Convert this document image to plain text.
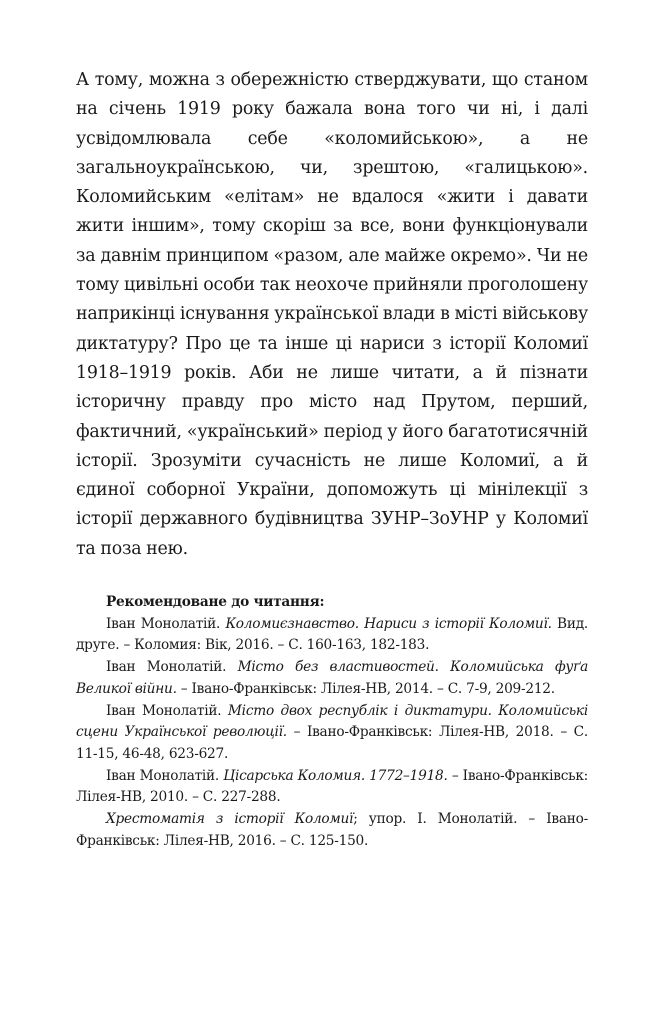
А тому, можна з обережністю стверджувати, що станом на січень 1919 року бажала вона того чи ні, і далі усвідомлювала себе «коломийською», а не загальноукраїнською, чи, зрештою, «галицькою». Коломийським «елітам» не вдалося «жити і давати жити іншим», тому скоріш за все, вони функціонували за давнім принципом «разом, але майже окремо». Чи не тому цивільні особи так неохоче прийняли проголошену наприкінці існування української влади в місті військову диктатуру? Про це та інше ці нариси з історії Коломиї 1918–1919 років. Аби не лише читати, а й пізнати історичну правду про місто над Прутом, перший, фактичний, «український» період у його багатотисячній історії. Зрозуміти сучасність не лише Коломиї, а й єдиної соборної України, допоможуть ці мінілекції з історії державного будівництва ЗУНР–ЗоУНР у Коломиї та поза нею.

Рекомендоване до читання:

Іван Монолатій. Коломиєзнавство. Нариси з історії Коломиї. Вид. друге. – Коломия: Вік, 2016. – С. 160-163, 182-183.

Іван Монолатій. Місто без властивостей. Коломийська фуґа Великої війни. – Івано-Франківськ: Лілея-НВ, 2014. – С. 7-9, 209-212.

Іван Монолатій. Місто двох республік і диктатури. Коломийські сцени Української революції. – Івано-Франківськ: Лілея-НВ, 2018. – С. 11-15, 46-48, 623-627.

Іван Монолатій. Цісарська Коломия. 1772–1918. – Івано-Франківськ: Лілея-НВ, 2010. – С. 227-288.

Хрестоматія з історії Коломиї; упор. І. Монолатій. – Івано-Франківськ: Лілея-НВ, 2016. – С. 125-150.
